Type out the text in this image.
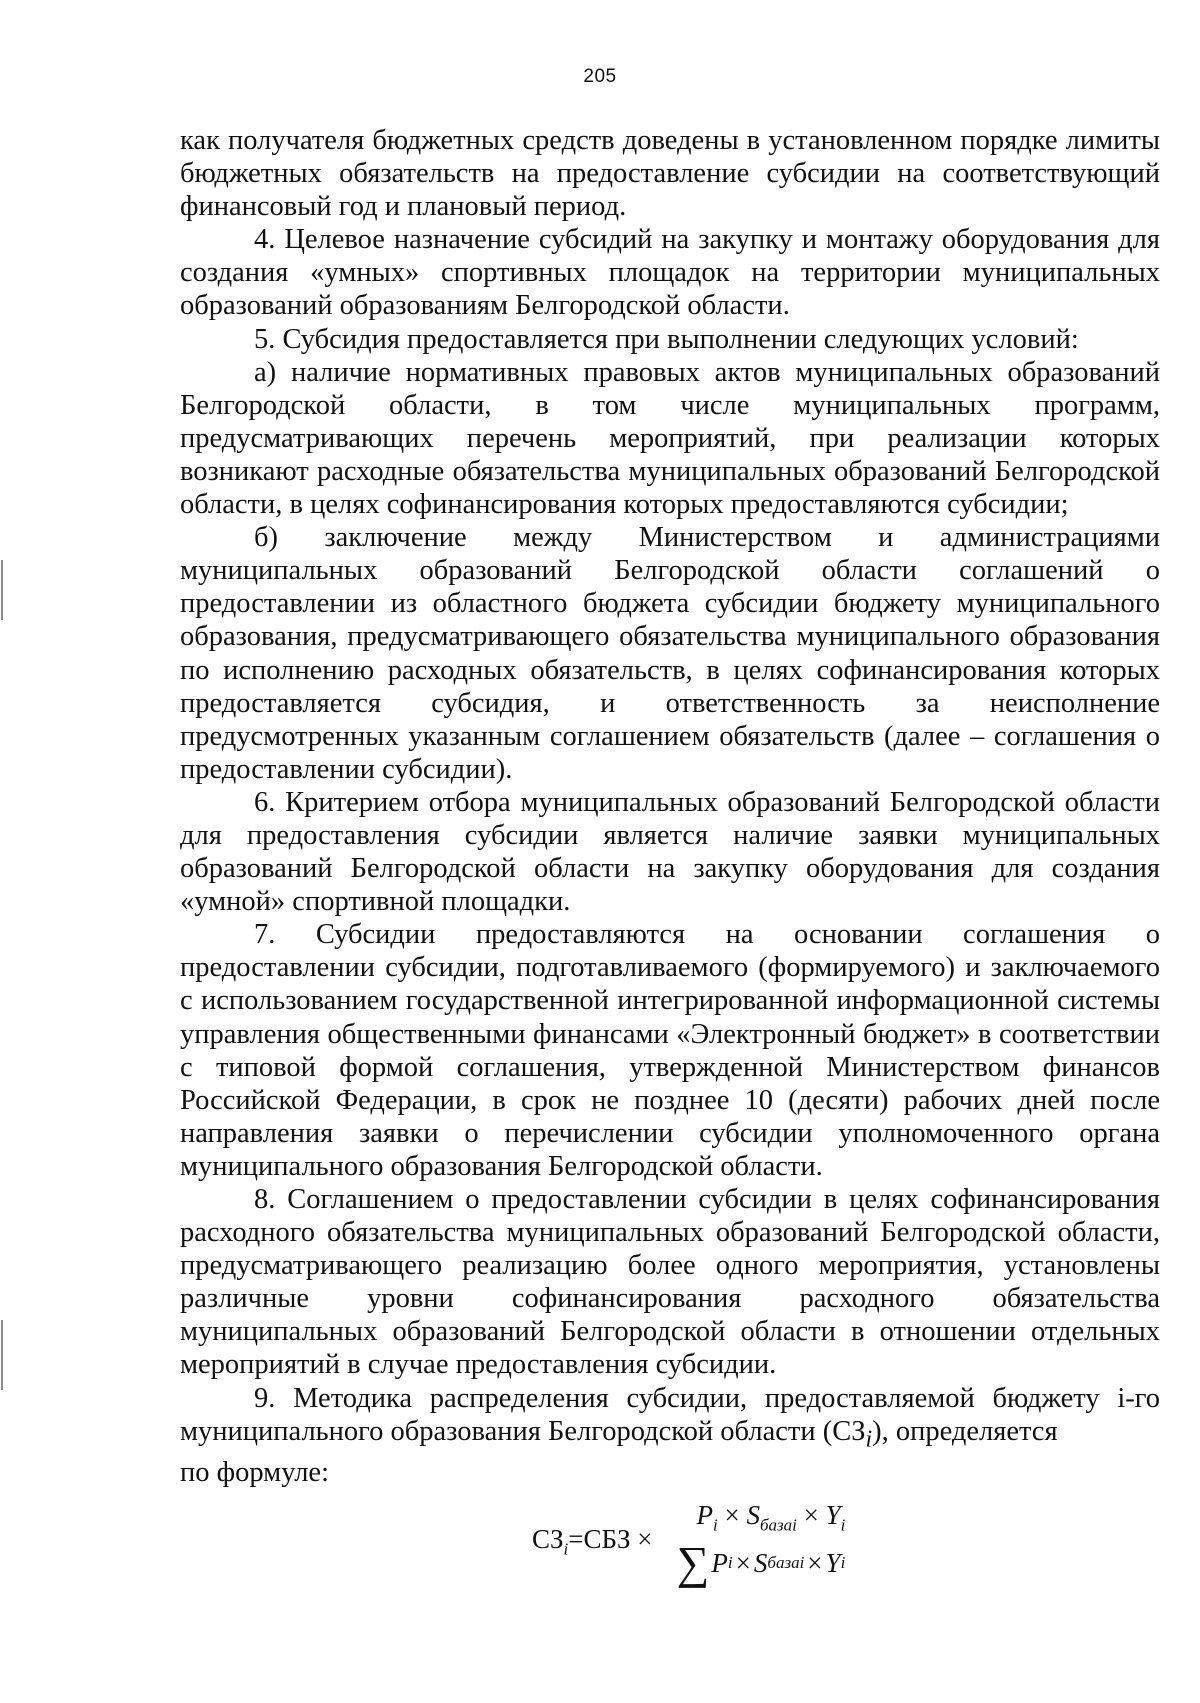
205

как получателя бюджетных средств доведены в установленном порядке лимиты бюджетных обязательств на предоставление субсидии на соответствующий финансовый год и плановый период.

4. Целевое назначение субсидий на закупку и монтажу оборудования для создания «умных» спортивных площадок на территории муниципальных образований образованиям Белгородской области.

5. Субсидия предоставляется при выполнении следующих условий:

а) наличие нормативных правовых актов муниципальных образований Белгородской области, в том числе муниципальных программ, предусматривающих перечень мероприятий, при реализации которых возникают расходные обязательства муниципальных образований Белгородской области, в целях софинансирования которых предоставляются субсидии;

б) заключение между Министерством и администрациями муниципальных образований Белгородской области соглашений о предоставлении из областного бюджета субсидии бюджету муниципального образования, предусматривающего обязательства муниципального образования по исполнению расходных обязательств, в целях софинансирования которых предоставляется субсидия, и ответственность за неисполнение предусмотренных указанным соглашением обязательств (далее – соглашения о предоставлении субсидии).

6. Критерием отбора муниципальных образований Белгородской области для предоставления субсидии является наличие заявки муниципальных образований Белгородской области на закупку оборудования для создания «умной» спортивной площадки.

7. Субсидии предоставляются на основании соглашения о предоставлении субсидии, подготавливаемого (формируемого) и заключаемого с использованием государственной интегрированной информационной системы управления общественными финансами «Электронный бюджет» в соответствии с типовой формой соглашения, утвержденной Министерством финансов Российской Федерации, в срок не позднее 10 (десяти) рабочих дней после направления заявки о перечислении субсидии уполномоченного органа муниципального образования Белгородской области.

8. Соглашением о предоставлении субсидии в целях софинансирования расходного обязательства муниципальных образований Белгородской области, предусматривающего реализацию более одного мероприятия, установлены различные уровни софинансирования расходного обязательства муниципальных образований Белгородской области в отношении отдельных мероприятий в случае предоставления субсидии.

9. Методика распределения субсидии, предоставляемой бюджету i-го муниципального образования Белгородской области $(СЗ_i)$, определяется

по формуле:

$СЗ_i=СБЗ$ ×
$P_i \times S_{базаi} \times Y_i$
∑ P i × S базаi × Y i
